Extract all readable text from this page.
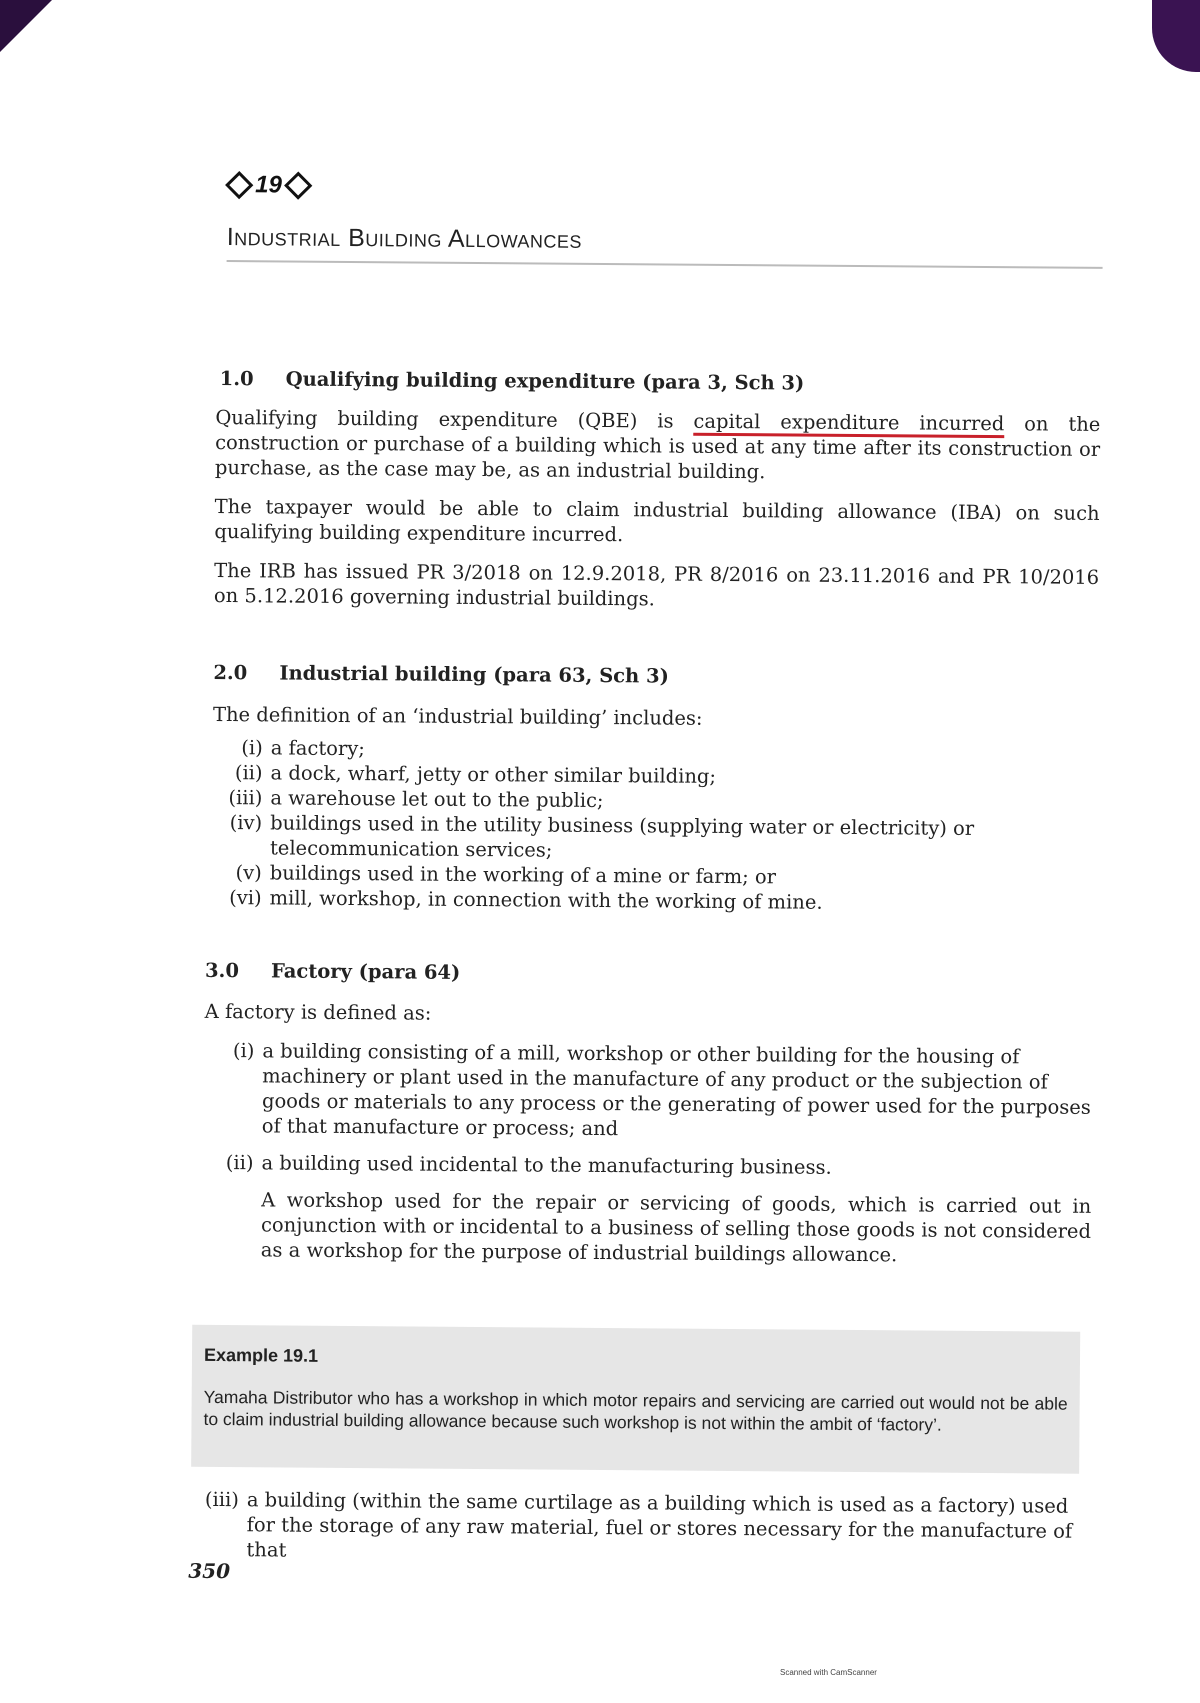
19
Industrial Building Allowances
1.0	Qualifying building expenditure (para 3, Sch 3)

Qualifying building expenditure (QBE) is capital expenditure incurred on the construction or purchase of a building which is used at any time after its construction or purchase, as the case may be, as an industrial building.

The taxpayer would be able to claim industrial building allowance (IBA) on such qualifying building expenditure incurred.

The IRB has issued PR 3/2018 on 12.9.2018, PR 8/2016 on 23.11.2016 and PR 10/2016 on 5.12.2016 governing industrial buildings.

2.0	Industrial building (para 63, Sch 3)

The definition of an ‘industrial building’ includes:

(i) a factory;
(ii) a dock, wharf, jetty or other similar building;
(iii) a warehouse let out to the public;
(iv) buildings used in the utility business (supplying water or electricity) or telecommunication services;
(v) buildings used in the working of a mine or farm; or
(vi) mill, workshop, in connection with the working of mine.
3.0	Factory (para 64)

A factory is defined as:

(i) a building consisting of a mill, workshop or other building for the housing of machinery or plant used in the manufacture of any product or the subjection of goods or materials to any process or the generating of power used for the purposes of that manufacture or process; and
(ii) a building used incidental to the manufacturing business.

A workshop used for the repair or servicing of goods, which is carried out in conjunction with or incidental to a business of selling those goods is not considered as a workshop for the purpose of industrial buildings allowance.

Example 19.1
Yamaha Distributor who has a workshop in which motor repairs and servicing are carried out would not be able to claim industrial building allowance because such workshop is not within the ambit of ‘factory’.
(iii) a building (within the same curtilage as a building which is used as a factory) used for the storage of any raw material, fuel or stores necessary for the manufacture of that
350
Scanned with CamScanner
